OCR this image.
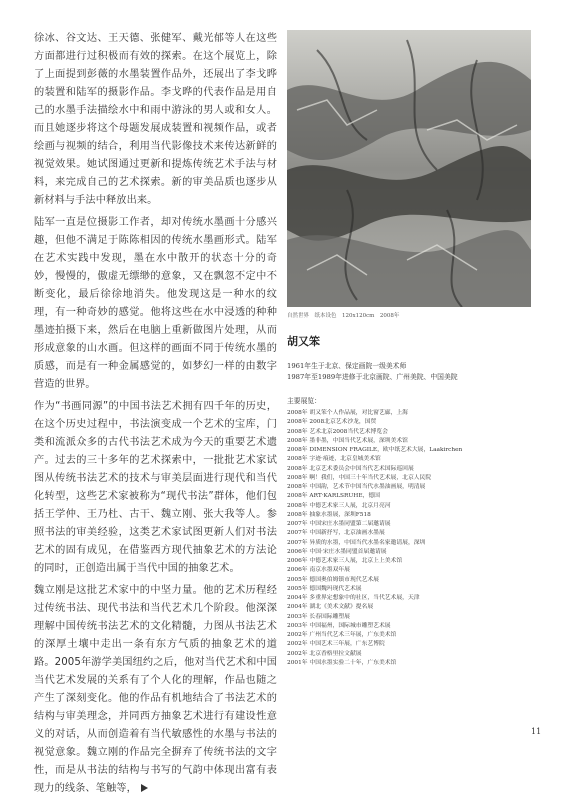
徐冰、谷文达、王天德、张健军、戴光郁等人在这些方面都进行过积极而有效的探索。在这个展览上，除了上面提到彭薇的水墨装置作品外，还展出了李戈晔的装置和陆军的摄影作品。李戈晔的代表作品是用自己的水墨手法描绘水中和雨中游泳的男人或和女人。而且她逐步将这个母题发展成装置和视频作品，或者绘画与视频的结合，利用当代影像技术来传达新鲜的视觉效果。她试图通过更新和提炼传统艺术手法与材料，来完成自己的艺术探索。新的审美品质也逐步从新材料与手法中释放出来。

陆军一直是位摄影工作者，却对传统水墨画十分感兴趣，但他不满足于陈陈相因的传统水墨画形式。陆军在艺术实践中发现，墨在水中散开的状态十分的奇妙，慢慢的，傲虚无缥缈的意象，又在飘忽不定中不断变化，最后徐徐地消失。他发现这是一种水的纹理，有一种奇妙的感觉。他将这些在水中浸透的种种墨迹拍摄下来，然后在电脑上重新做图片处理，从而形成意象的山水画。但这样的画面不同于传统水墨的质感，而是有一种金属感觉的，如梦幻一样的由数字营造的世界。

作为“书画同源”的中国书法艺术拥有四千年的历史，在这个历史过程中，书法演变成一个艺术的宝库，门类和流派众多的古代书法艺术成为今天的重要艺术遗产。过去的三十多年的艺术探索中，一批批艺术家试图从传统书法艺术的技术与审美层面进行现代和当代化转型，这些艺术家被称为“现代书法”群体，他们包括王学仲、王乃杜、古干、魏立刚、张大我等人。参照书法的审美经验，这类艺术家试图更新人们对书法艺术的固有成见，在借鉴西方现代抽象艺术的方法论的同时，正创造出属于当代中国的抽象艺术。

魏立刚是这批艺术家中的中坚力量。他的艺术历程经过传统书法、现代书法和当代艺术几个阶段。他深深理解中国传统书法艺术的文化精髓，力图从书法艺术的深厚土壤中走出一条有东方气质的抽象艺术的道路。2005年游学美国纽约之后，他对当代艺术和中国当代艺术发展的关系有了个人化的理解，作品也随之产生了深刻变化。他的作品有机地结合了书法艺术的结构与审美理念，并同西方抽象艺术进行有建设性意义的对话，从而创造着有当代敏感性的水墨与书法的视觉意象。魏立刚的作品完全摒弃了传统书法的文字性，而是从书法的结构与书写的气韵中体现出富有表现力的线条、笔触等，

自然世界　纸本设色　120x120cm　2008年
胡又笨
1961年生于北京、保定画院一级美术师
1987年至1989年进修于北京画院、广州美院、中国美院
主要展览：
2008年 胡又笨个人作品展，对比窗艺廊，上海
2008年 2008北京艺术沙龙，国贸
2008年 艺术北京2008当代艺术博览会
2008年 墨非墨，中国当代艺术展，深圳美术馆
2008年 DIMENSION FRAGILE，欧中纸艺术大展，Laakirchen
2008年 字迹·痕迹，北京皇城美术馆
2008年 北京艺术委员会中国当代艺术国际巡回展
2008年 啊！我们，中国三十年当代艺术展，北京人民院
2008年 中国韵，艺术节中国当代水墨油画展，明清展
2008年 ART·KARLSRUHE，德国
2008年 中德艺术家三人展，北京月亮河
2008年 抽象水墨展，深圳F518
2007年 中国宋庄水墨同盟第二届邀请展
2007年 中国新抒写，北京油画水墨展
2007年 异质的水墨，中国当代水墨名家邀请展，深圳
2006年 中国·宋庄水墨同盟首届邀请展
2006年 中德艺术家三人展，北京上上美术馆
2006年 南京水墨双年展
2005年 德国奥伯姆镇市现代艺术展
2005年 德国魏玛现代艺术展
2004年 多重界定想象中的社区，当代艺术展，天津
2004年 湖北《美术文献》提名展
2003年 长春国际雕塑展
2003年 中国福州，国际城市雕塑艺术展
2002年 广州当代艺术三年展，广东美术馆
2002年 中国艺术三年展，广东艺博院
2002年 北京香格里拉文献展
2001年 中国水墨实验二十年，广东美术馆
11
